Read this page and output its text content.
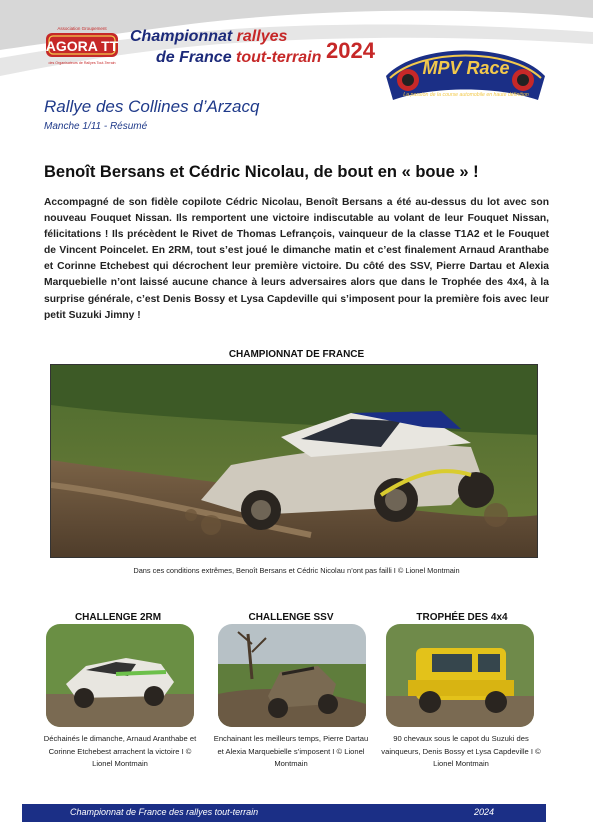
Association Groupement
AGORA TT
des Organisateurs de Rallyes Tout-Terrain
Championnat rallyes
de France tout-terrain 2024
MPV Race
La passion de la course automobile en haute définition
Rallye des Collines d’Arzacq
Manche 1/11 - Résumé
Benoît Bersans et Cédric Nicolau, de bout en « boue » !
Accompagné de son fidèle copilote Cédric Nicolau, Benoît Bersans a été au-dessus du lot avec son nouveau Fouquet Nissan. Ils remportent une victoire indiscutable au volant de leur Fouquet Nissan, félicitations ! Ils précèdent le Rivet de Thomas Lefrançois, vainqueur de la classe T1A2 et le Fouquet de Vincent Poincelet. En 2RM, tout s’est joué le dimanche matin et c’est finalement Arnaud Aranthabe et Corinne Etchebest qui décrochent leur première victoire. Du côté des SSV, Pierre Dartau et Alexia Marquebielle n’ont laissé aucune chance à leurs adversaires alors que dans le Trophée des 4x4, à la surprise générale, c’est Denis Bossy et Lysa Capdeville qui s’imposent pour la première fois avec leur petit Suzuki Jimny !
CHAMPIONNAT DE FRANCE
Dans ces conditions extrêmes, Benoît Bersans et Cédric Nicolau n’ont pas failli I © Lionel Montmain
CHALLENGE 2RM
Déchainés le dimanche, Arnaud Aranthabe et Corinne Etchebest arrachent la victoire I © Lionel Montmain
CHALLENGE SSV
Enchainant les meilleurs temps, Pierre Dartau et Alexia Marquebielle s’imposent I © Lionel Montmain
TROPHÉE DES 4x4
90 chevaux sous le capot du Suzuki des vainqueurs, Denis Bossy et Lysa Capdeville I © Lionel Montmain
Championnat de France des rallyes tout-terrain	2024
